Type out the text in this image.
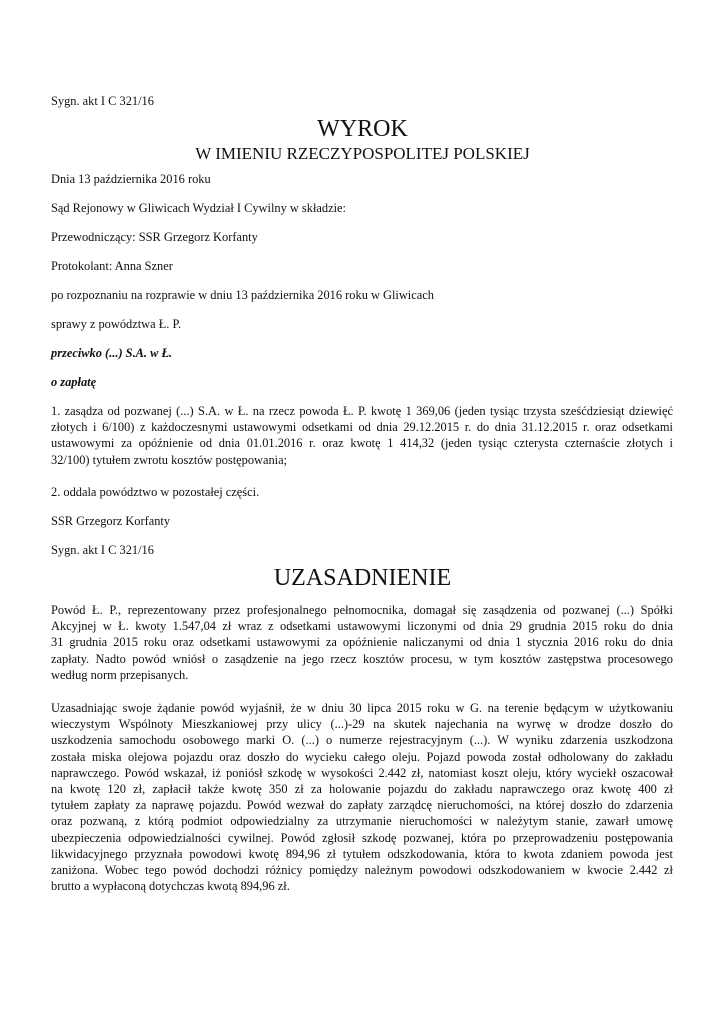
Sygn. akt I C 321/16
WYROK
W IMIENIU RZECZYPOSPOLITEJ POLSKIEJ
Dnia 13 października 2016 roku
Sąd Rejonowy w Gliwicach Wydział I Cywilny w składzie:
Przewodniczący: SSR Grzegorz Korfanty
Protokolant: Anna Szner
po rozpoznaniu na rozprawie w dniu 13 października 2016 roku w Gliwicach
sprawy z powództwa Ł. P.
przeciwko (...) S.A. w Ł.
o zapłatę
1. zasądza od pozwanej (...) S.A. w Ł. na rzecz powoda Ł. P. kwotę 1 369,06 (jeden tysiąc trzysta sześćdziesiąt dziewięć
złotych i 6/100) z każdoczesnymi ustawowymi odsetkami od dnia 29.12.2015 r. do dnia 31.12.2015 r. oraz odsetkami
ustawowymi za opóźnienie od dnia 01.01.2016 r. oraz kwotę 1 414,32 (jeden tysiąc czterysta czternaście złotych i
32/100) tytułem zwrotu kosztów postępowania;
2. oddala powództwo w pozostałej części.
SSR Grzegorz Korfanty
Sygn. akt I C 321/16
UZASADNIENIE
Powód Ł. P., reprezentowany przez profesjonalnego pełnomocnika, domagał się zasądzenia od pozwanej (...) Spółki
Akcyjnej w Ł. kwoty 1.547,04 zł wraz z odsetkami ustawowymi liczonymi od dnia 29 grudnia 2015 roku do dnia
31 grudnia 2015 roku oraz odsetkami ustawowymi za opóźnienie naliczanymi od dnia 1 stycznia 2016 roku do dnia
zapłaty. Nadto powód wniósł o zasądzenie na jego rzecz kosztów procesu, w tym kosztów zastępstwa procesowego
według norm przepisanych.
Uzasadniając swoje żądanie powód wyjaśnił, że w dniu 30 lipca 2015 roku w G. na terenie będącym w użytkowaniu
wieczystym Wspólnoty Mieszkaniowej przy ulicy (...)-29 na skutek najechania na wyrwę w drodze doszło do
uszkodzenia samochodu osobowego marki O. (...) o numerze rejestracyjnym (...). W wyniku zdarzenia uszkodzona
została miska olejowa pojazdu oraz doszło do wycieku całego oleju. Pojazd powoda został odholowany do zakładu
naprawczego. Powód wskazał, iż poniósł szkodę w wysokości 2.442 zł, natomiast koszt oleju, który wyciekł oszacował
na kwotę 120 zł, zapłacił także kwotę 350 zł za holowanie pojazdu do zakładu naprawczego oraz kwotę 400 zł
tytułem zapłaty za naprawę pojazdu. Powód wezwał do zapłaty zarządcę nieruchomości, na której doszło do zdarzenia
oraz pozwaną, z którą podmiot odpowiedzialny za utrzymanie nieruchomości w należytym stanie, zawarł umowę
ubezpieczenia odpowiedzialności cywilnej. Powód zgłosił szkodę pozwanej, która po przeprowadzeniu postępowania
likwidacyjnego przyznała powodowi kwotę 894,96 zł tytułem odszkodowania, która to kwota zdaniem powoda jest
zaniżona. Wobec tego powód dochodzi różnicy pomiędzy należnym powodowi odszkodowaniem w kwocie 2.442 zł
brutto a wypłaconą dotychczas kwotą 894,96 zł.
